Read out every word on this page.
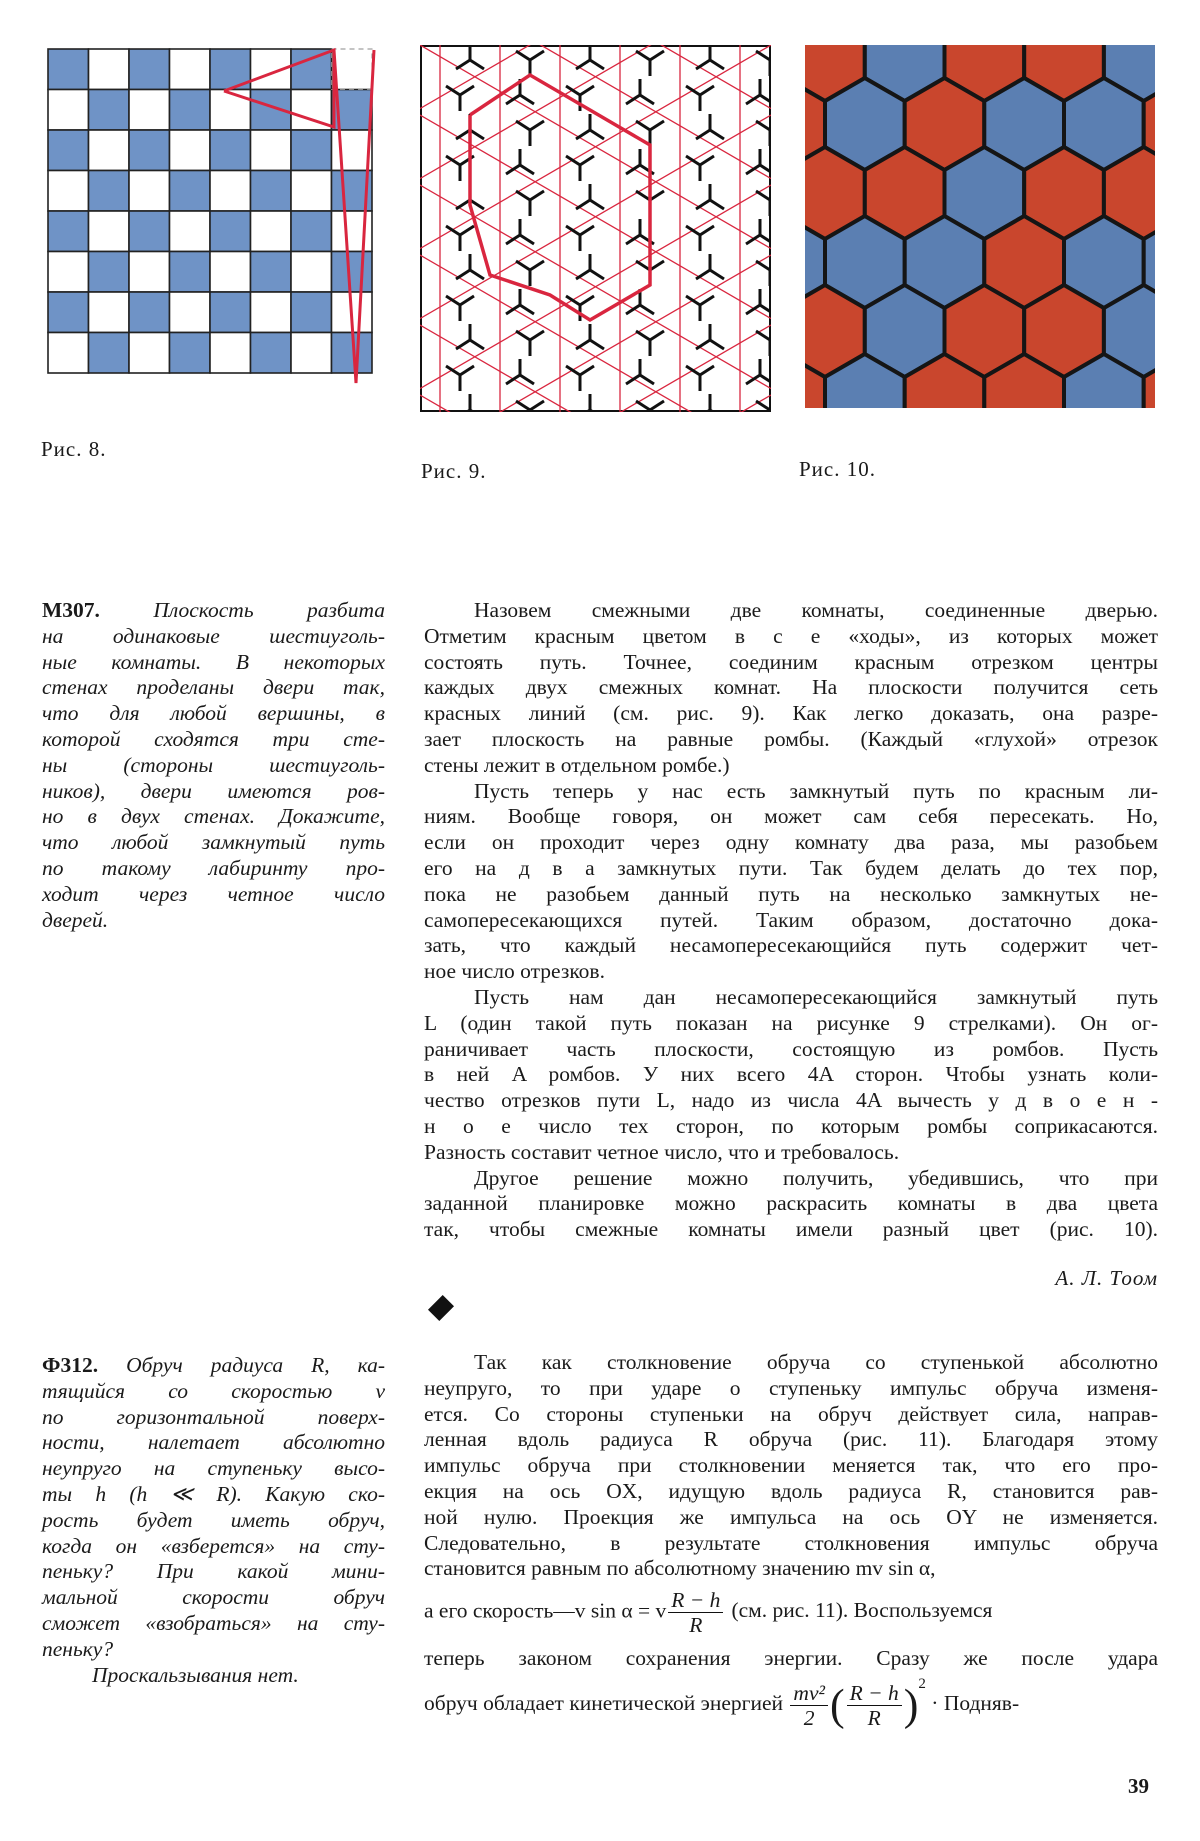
Рис. 8.
Рис. 9.	Рис. 10.
М307. Плоскость разбита
на одинаковые шестиуголь-
ные комнаты. В некоторых
стенах проделаны двери так,
что для любой вершины, в
которой сходятся три сте-
ны (стороны шестиуголь-
ников), двери имеются ров-
но в двух стенах. Докажите,
что любой замкнутый путь
по такому лабиринту про-
ходит через четное число
дверей.
Назовем смежными две комнаты, соединенные дверью.
Отметим красным цветом в с е «ходы», из которых может
состоять путь. Точнее, соединим красным отрезком центры
каждых двух смежных комнат. На плоскости получится сеть
красных линий (см. рис. 9). Как легко доказать, она разре-
зает плоскость на равные ромбы. (Каждый «глухой» отрезок
стены лежит в отдельном ромбе.)
Пусть теперь у нас есть замкнутый путь по красным ли-
ниям. Вообще говоря, он может сам себя пересекать. Но,
если он проходит через одну комнату два раза, мы разобьем
его на д в а замкнутых пути. Так будем делать до тех пор,
пока не разобьем данный путь на несколько замкнутых не-
самопересекающихся путей. Таким образом, достаточно дока-
зать, что каждый несамопересекающийся путь содержит чет-
ное число отрезков.
Пусть нам дан несамопересекающийся замкнутый путь
L (один такой путь показан на рисунке 9 стрелками). Он ог-
раничивает часть плоскости, состоящую из ромбов. Пусть
в ней A ромбов. У них всего 4A сторон. Чтобы узнать коли-
чество отрезков пути L, надо из числа 4A вычесть у д в о е н -
н о е число тех сторон, по которым ромбы соприкасаются.
Разность составит четное число, что и требовалось.
Другое решение можно получить, убедившись, что при
заданной планировке можно раскрасить комнаты в два цвета
так, чтобы смежные комнаты имели разный цвет (рис. 10).
А. Л. Тоом
Ф312. Обруч радиуса R, ка-
тящийся со скоростью v
по горизонтальной поверх-
ности, налетает абсолютно
неупруго на ступеньку высо-
ты h (h ≪ R). Какую ско-
рость будет иметь обруч,
когда он «взберется» на сту-
пеньку? При какой мини-
мальной скорости обруч
сможет «взобраться» на сту-
пеньку?
Проскальзывания нет.
Так как столкновение обруча со ступенькой абсолютно
неупруго, то при ударе о ступеньку импульс обруча изменя-
ется. Со стороны ступеньки на обруч действует сила, направ-
ленная вдоль радиуса R обруча (рис. 11). Благодаря этому
импульс обруча при столкновении меняется так, что его про-
екция на ось OX, идущую вдоль радиуса R, становится рав-
ной нулю. Проекция же импульса на ось OY не изменяется.
Следовательно, в результате столкновения импульс обруча
становится равным по абсолютному значению mv sin α,
а его скорость—v sin α = v $\frac{R - h}{R} (см$. рис. 11). Воспользуемся
теперь законом сохранения энергии. Сразу же после удара
обруч обладает кинетической энергией $\frac{\text{mv²}}{2}$ ( $\frac{R - h}{R} )^2$ · Подняв-
39
